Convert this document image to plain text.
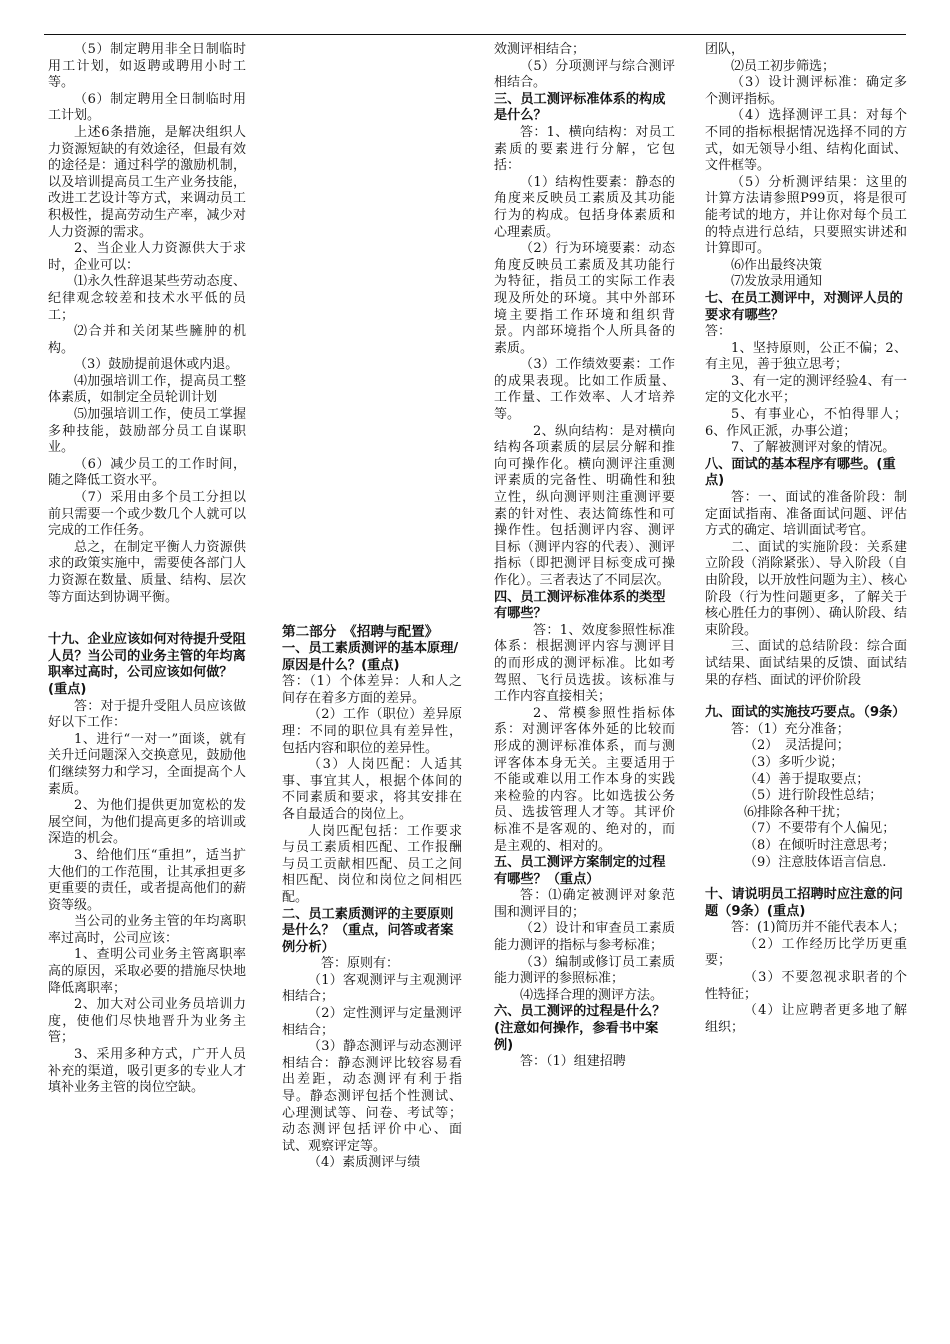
（5）制定聘用非全日制临时用工计划，如返聘或聘用小时工等。

（6）制定聘用全日制临时用工计划。

上述6条措施，是解决组织人力资源短缺的有效途径，但最有效的途径是：通过科学的激励机制，以及培训提高员工生产业务技能，改进工艺设计等方式，来调动员工积极性，提高劳动生产率，减少对人力资源的需求。

2、当企业人力资源供大于求时，企业可以：

⑴永久性辞退某些劳动态度、纪律观念较差和技术水平低的员工；

⑵合并和关闭某些臃肿的机构。

（3）鼓励提前退休或内退。

⑷加强培训工作，提高员工整体素质，如制定全员轮训计划

⑸加强培训工作，使员工掌握多种技能，鼓励部分员工自谋职业。

（6）减少员工的工作时间，随之降低工资水平。

（7）采用由多个员工分担以前只需要一个或少数几个人就可以完成的工作任务。

总之，在制定平衡人力资源供求的政策实施中，需要使各部门人力资源在数量、质量、结构、层次等方面达到协调平衡。

十九、企业应该如何对待提升受阻人员？当公司的业务主管的年均离职率过高时，公司应该如何做？(重点)

答：对于提升受阻人员应该做好以下工作：

1、进行“一对一”面谈，就有关升迁问题深入交换意见，鼓励他们继续努力和学习，全面提高个人素质。

2、为他们提供更加宽松的发展空间，为他们提高更多的培训或深造的机会。

3、给他们压“重担”，适当扩大他们的工作范围，让其承担更多更重要的责任，或者提高他们的薪资等级。

当公司的业务主管的年均离职率过高时，公司应该：

1、查明公司业务主管离职率高的原因，采取必要的措施尽快地降低离职率；

2、加大对公司业务员培训力度，使他们尽快地晋升为业务主管；

3、采用多种方式，广开人员补充的渠道，吸引更多的专业人才填补业务主管的岗位空缺。

第二部分　《招聘与配置》
一、员工素质测评的基本原理/原因是什么？(重点)

答：（1）个体差异：人和人之间存在着多方面的差异。

（2）工作（职位）差异原理：不同的职位具有差异性，包括内容和职位的差异性。

（3）人岗匹配：人适其事、事宜其人，根据个体间的不同素质和要求，将其安排在各自最适合的岗位上。

人岗匹配包括：工作要求与员工素质相匹配、工作报酬与员工贡献相匹配、员工之间相匹配、岗位和岗位之间相匹配。

二、员工素质测评的主要原则是什么？（重点，问答或者案例分析）

答：原则有：

（1）客观测评与主观测评相结合；

（2）定性测评与定量测评相结合；

（3）静态测评与动态测评相结合：静态测评比较容易看出差距，动态测评有利于指导。静态测评包括个性测试、心理测试等、问卷、考试等；动态测评包括评价中心、面试、观察评定等。

（4）素质测评与绩

效测评相结合；

（5）分项测评与综合测评相结合。

三、员工测评标准体系的构成是什么？

答：1、横向结构：对员工素质的要素进行分解，它包括：

（1）结构性要素：静态的角度来反映员工素质及其功能行为的构成。包括身体素质和心理素质。

（2）行为环境要素：动态角度反映员工素质及其功能行为特征，指员工的实际工作表现及所处的环境。其中外部环境主要指工作环境和组织背景。内部环境指个人所具备的素质。

（3）工作绩效要素：工作的成果表现。比如工作质量、工作量、工作效率、人才培养等。

2、纵向结构：是对横向结构各项素质的层层分解和推向可操作化。横向测评注重测评素质的完备性、明确性和独立性，纵向测评则注重测评要素的针对性、表达简练性和可操作性。包括测评内容、测评目标（测评内容的代表）、测评指标（即把测评目标变成可操作化）。三者表达了不同层次。

四、员工测评标准体系的类型有哪些？

答：1、效度参照性标准体系：根据测评内容与测评目的而形成的测评标准。比如考驾照、飞行员选拔。该标准与工作内容直接相关；

2、常模参照性指标体系：对测评客体外延的比较而形成的测评标准体系，而与测评客体本身无关。主要适用于不能或难以用工作本身的实践来检验的内容。比如选拔公务员、选拔管理人才等。其评价标准不是客观的、绝对的，而是主观的、相对的。

五、员工测评方案制定的过程有哪些？（重点）

答：⑴确定被测评对象范围和测评目的；

（2）设计和审查员工素质能力测评的指标与参考标准；

（3）编制或修订员工素质能力测评的参照标准；

⑷选择合理的测评方法。

六、员工测评的过程是什么？(注意如何操作，参看书中案例)

答：（1）组建招聘

团队，

⑵员工初步筛选；

（3）设计测评标准：确定多个测评指标。

（4）选择测评工具：对每个不同的指标根据情况选择不同的方式，如无领导小组、结构化面试、文件框等。

（5）分析测评结果：这里的计算方法请参照P99页，将是很可能考试的地方，并让你对每个员工的特点进行总结，只要照实讲述和计算即可。

⑹作出最终决策

⑺发放录用通知

七、在员工测评中，对测评人员的要求有哪些？

答：

1、坚持原则，公正不偏；2、有主见，善于独立思考；

3、有一定的测评经验4、有一定的文化水平；

5、有事业心，不怕得罪人；6、作风正派，办事公道；

7、了解被测评对象的情况。

八、面试的基本程序有哪些。(重点)

答：一、面试的准备阶段：制定面试指南、准备面试问题、评估方式的确定、培训面试考官。

二、面试的实施阶段：关系建立阶段（消除紧张）、导入阶段（自由阶段，以开放性问题为主）、核心阶段（行为性问题更多，了解关于核心胜任力的事例）、确认阶段、结束阶段。

三、面试的总结阶段：综合面试结果、面试结果的反馈、面试结果的存档、面试的评价阶段

九、面试的实施技巧要点。（9条）

答：（1）充分准备；

（2）　灵活提问；

（3）多听少说；

（4）善于提取要点；

（5）进行阶段性总结；

⑹排除各种干扰；

（7）不要带有个人偏见；

（8）在倾听时注意思考；

（9）注意肢体语言信息.

十、请说明员工招聘时应注意的问题（9条）(重点)

答：(1)简历并不能代表本人；

（2）工作经历比学历更重要；

（3）不要忽视求职者的个性特征；

（4）让应聘者更多地了解组织；
